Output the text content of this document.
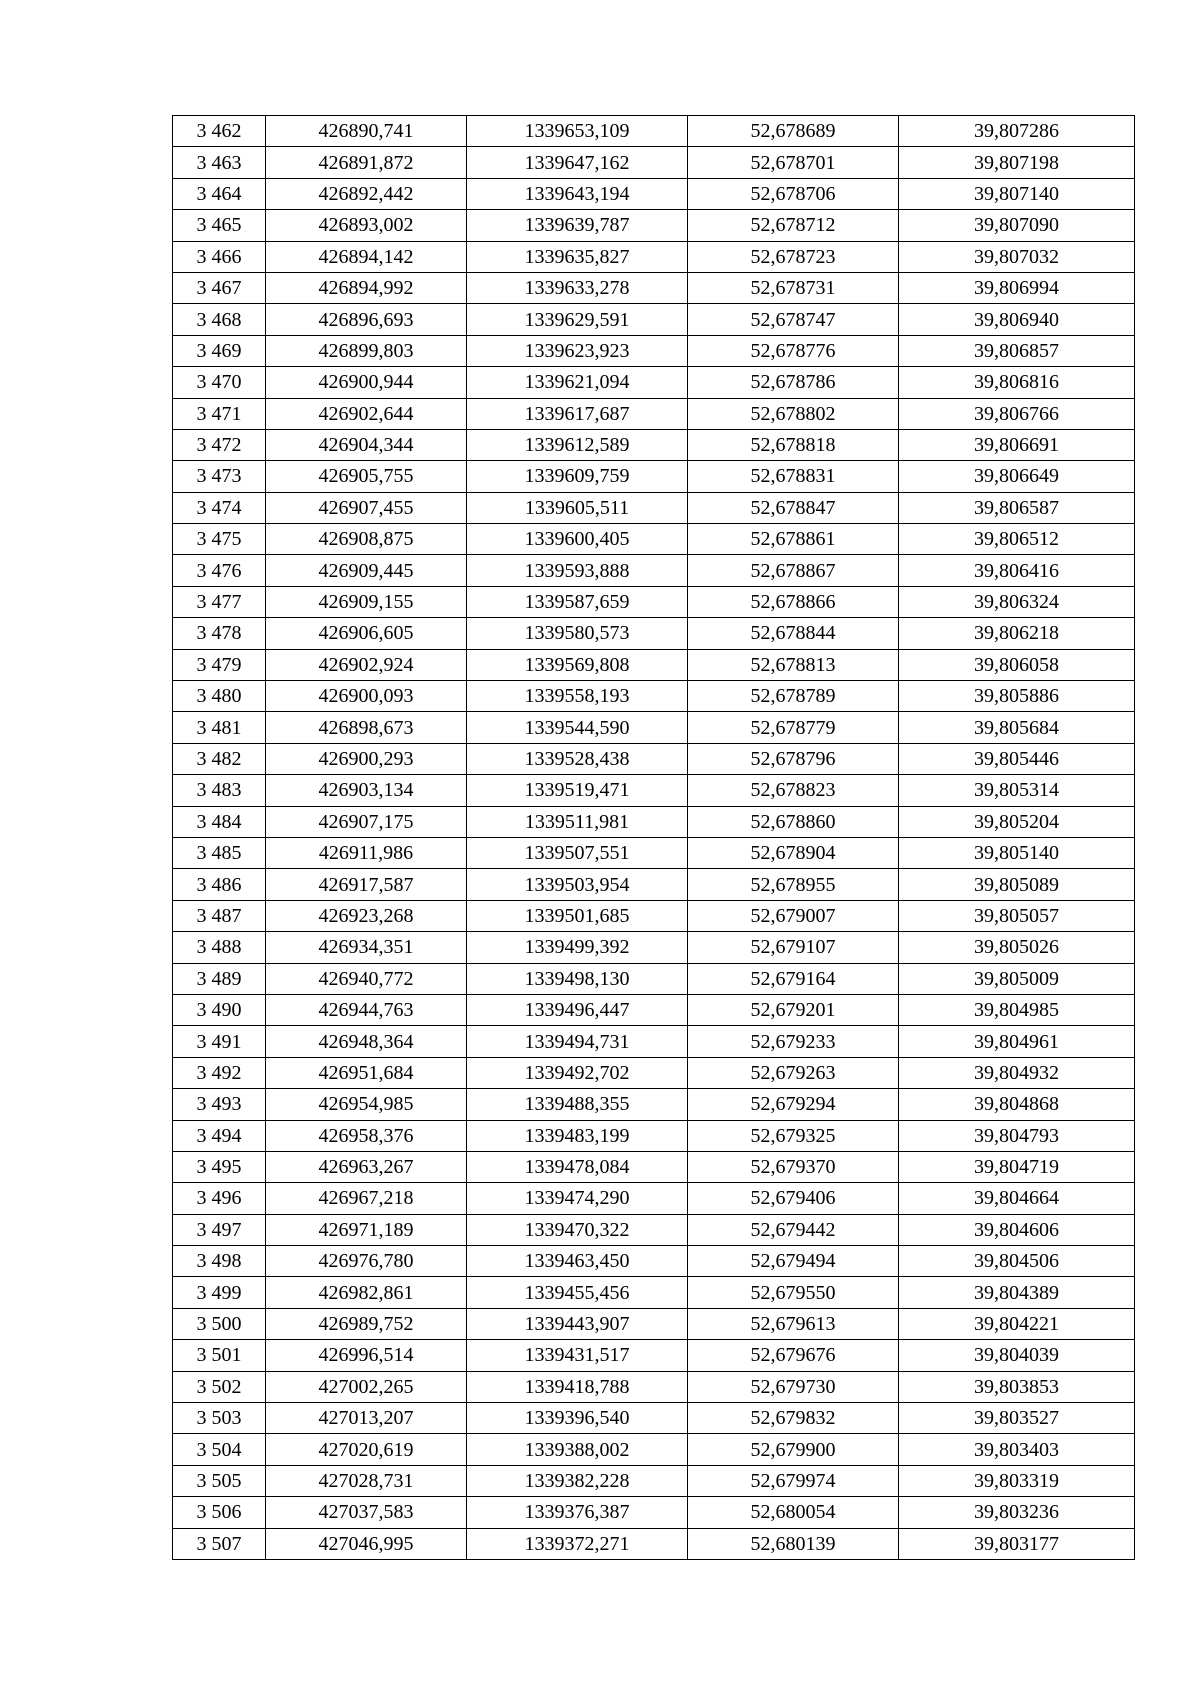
3 462	426890,741	1339653,109	52,678689	39,807286
3 463	426891,872	1339647,162	52,678701	39,807198
3 464	426892,442	1339643,194	52,678706	39,807140
3 465	426893,002	1339639,787	52,678712	39,807090
3 466	426894,142	1339635,827	52,678723	39,807032
3 467	426894,992	1339633,278	52,678731	39,806994
3 468	426896,693	1339629,591	52,678747	39,806940
3 469	426899,803	1339623,923	52,678776	39,806857
3 470	426900,944	1339621,094	52,678786	39,806816
3 471	426902,644	1339617,687	52,678802	39,806766
3 472	426904,344	1339612,589	52,678818	39,806691
3 473	426905,755	1339609,759	52,678831	39,806649
3 474	426907,455	1339605,511	52,678847	39,806587
3 475	426908,875	1339600,405	52,678861	39,806512
3 476	426909,445	1339593,888	52,678867	39,806416
3 477	426909,155	1339587,659	52,678866	39,806324
3 478	426906,605	1339580,573	52,678844	39,806218
3 479	426902,924	1339569,808	52,678813	39,806058
3 480	426900,093	1339558,193	52,678789	39,805886
3 481	426898,673	1339544,590	52,678779	39,805684
3 482	426900,293	1339528,438	52,678796	39,805446
3 483	426903,134	1339519,471	52,678823	39,805314
3 484	426907,175	1339511,981	52,678860	39,805204
3 485	426911,986	1339507,551	52,678904	39,805140
3 486	426917,587	1339503,954	52,678955	39,805089
3 487	426923,268	1339501,685	52,679007	39,805057
3 488	426934,351	1339499,392	52,679107	39,805026
3 489	426940,772	1339498,130	52,679164	39,805009
3 490	426944,763	1339496,447	52,679201	39,804985
3 491	426948,364	1339494,731	52,679233	39,804961
3 492	426951,684	1339492,702	52,679263	39,804932
3 493	426954,985	1339488,355	52,679294	39,804868
3 494	426958,376	1339483,199	52,679325	39,804793
3 495	426963,267	1339478,084	52,679370	39,804719
3 496	426967,218	1339474,290	52,679406	39,804664
3 497	426971,189	1339470,322	52,679442	39,804606
3 498	426976,780	1339463,450	52,679494	39,804506
3 499	426982,861	1339455,456	52,679550	39,804389
3 500	426989,752	1339443,907	52,679613	39,804221
3 501	426996,514	1339431,517	52,679676	39,804039
3 502	427002,265	1339418,788	52,679730	39,803853
3 503	427013,207	1339396,540	52,679832	39,803527
3 504	427020,619	1339388,002	52,679900	39,803403
3 505	427028,731	1339382,228	52,679974	39,803319
3 506	427037,583	1339376,387	52,680054	39,803236
3 507	427046,995	1339372,271	52,680139	39,803177
